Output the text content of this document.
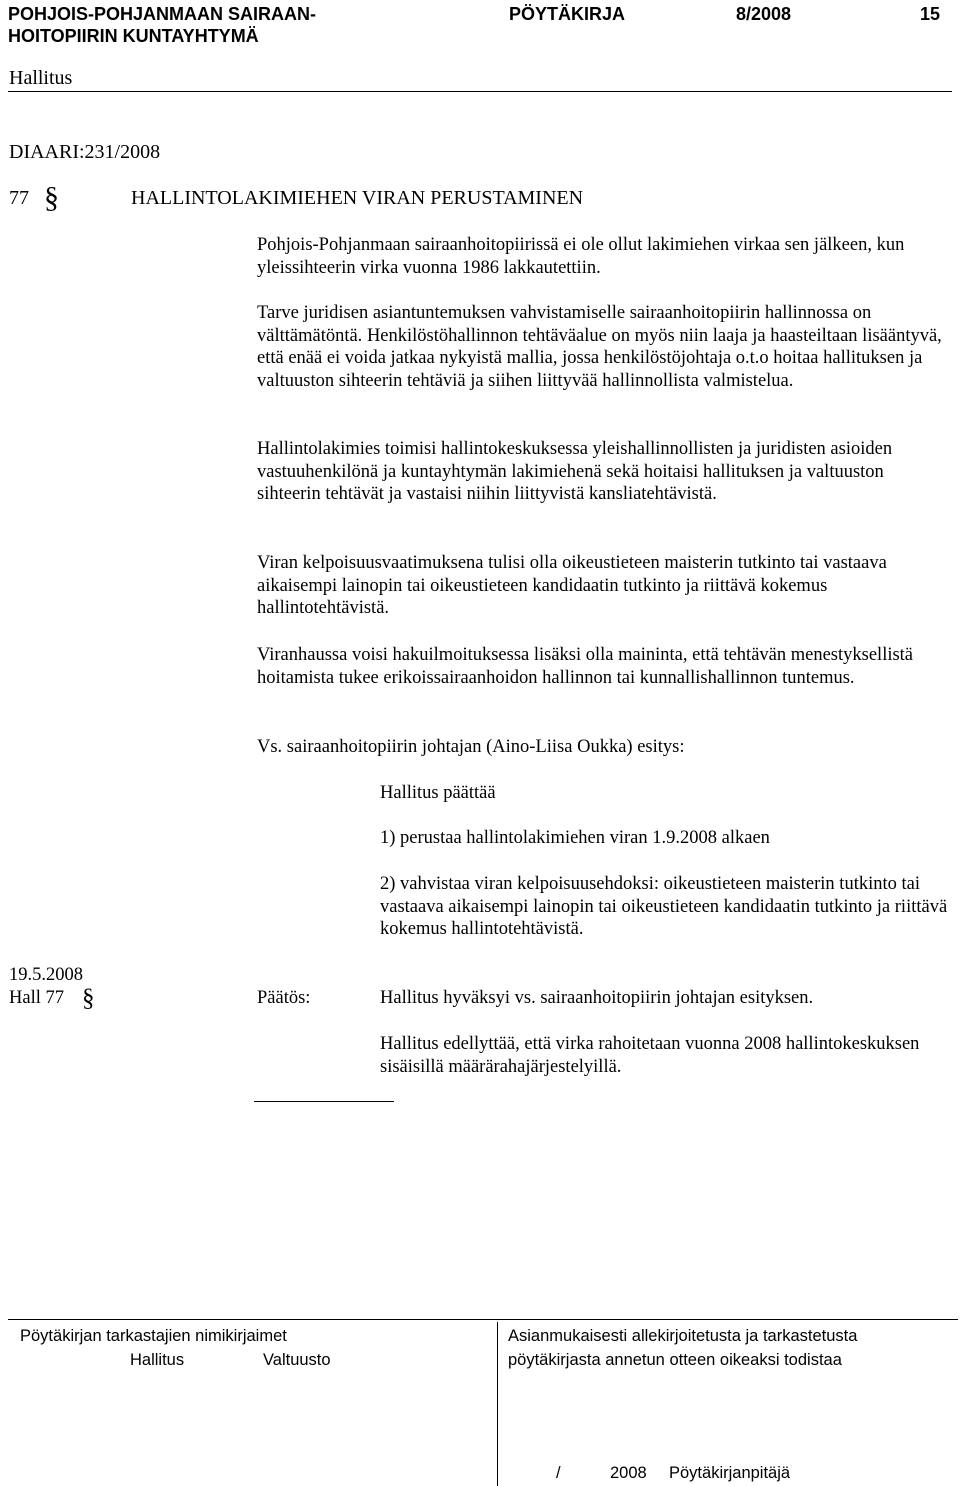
POHJOIS-POHJANMAAN SAIRAAN-
HOITOPIIRIN KUNTAYHTYMÄ
PÖYTÄKIRJA	8/2008	15
Hallitus
DIAARI:231/2008
77 §	HALLINTOLAKIMIEHEN VIRAN PERUSTAMINEN

Pohjois-Pohjanmaan sairaanhoitopiirissä ei ole ollut lakimiehen virkaa sen jälkeen, kun yleissihteerin virka vuonna 1986 lakkautettiin.

Tarve juridisen asiantuntemuksen vahvistamiselle sairaanhoitopiirin hallinnossa on välttämätöntä. Henkilöstöhallinnon tehtäväalue on myös niin laaja ja haasteiltaan lisääntyvä, että enää ei voida jatkaa nykyistä mallia, jossa henkilöstöjohtaja o.t.o hoitaa hallituksen ja valtuuston sihteerin tehtäviä ja siihen liittyvää hallinnollista valmistelua.

Hallintolakimies toimisi hallintokeskuksessa yleishallinnollisten ja juridisten asioiden vastuuhenkilönä ja kuntayhtymän lakimiehenä sekä hoitaisi hallituksen ja valtuuston sihteerin tehtävät ja vastaisi niihin liittyvistä kansliatehtävistä.

Viran kelpoisuusvaatimuksena tulisi olla oikeustieteen maisterin tutkinto tai vastaava aikaisempi lainopin tai oikeustieteen kandidaatin tutkinto ja riittävä kokemus hallintotehtävistä.

Viranhaussa voisi hakuilmoituksessa lisäksi olla maininta, että tehtävän menestyksellistä hoitamista tukee erikoissairaanhoidon hallinnon tai kunnallishallinnon tuntemus.

Vs. sairaanhoitopiirin johtajan (Aino-Liisa Oukka) esitys:
Hallitus päättää
1) perustaa hallintolakimiehen viran 1.9.2008 alkaen

2) vahvistaa viran kelpoisuusehdoksi: oikeustieteen maisterin tutkinto tai vastaava aikaisempi lainopin tai oikeustieteen kandidaatin tutkinto ja riittävä kokemus hallintotehtävistä.

19.5.2008
Hall 77 §	Päätös:	Hallitus hyväksyi vs. sairaanhoitopiirin johtajan esityksen.

Hallitus edellyttää, että virka rahoitetaan vuonna 2008 hallintokeskuksen sisäisillä määrärahajärjestelyillä.

Pöytäkirjan tarkastajien nimikirjaimet
Hallitus	Valtuusto
Asianmukaisesti allekirjoitetusta ja tarkastetusta
pöytäkirjasta annetun otteen oikeaksi todistaa
/	2008 Pöytäkirjanpitäjä
